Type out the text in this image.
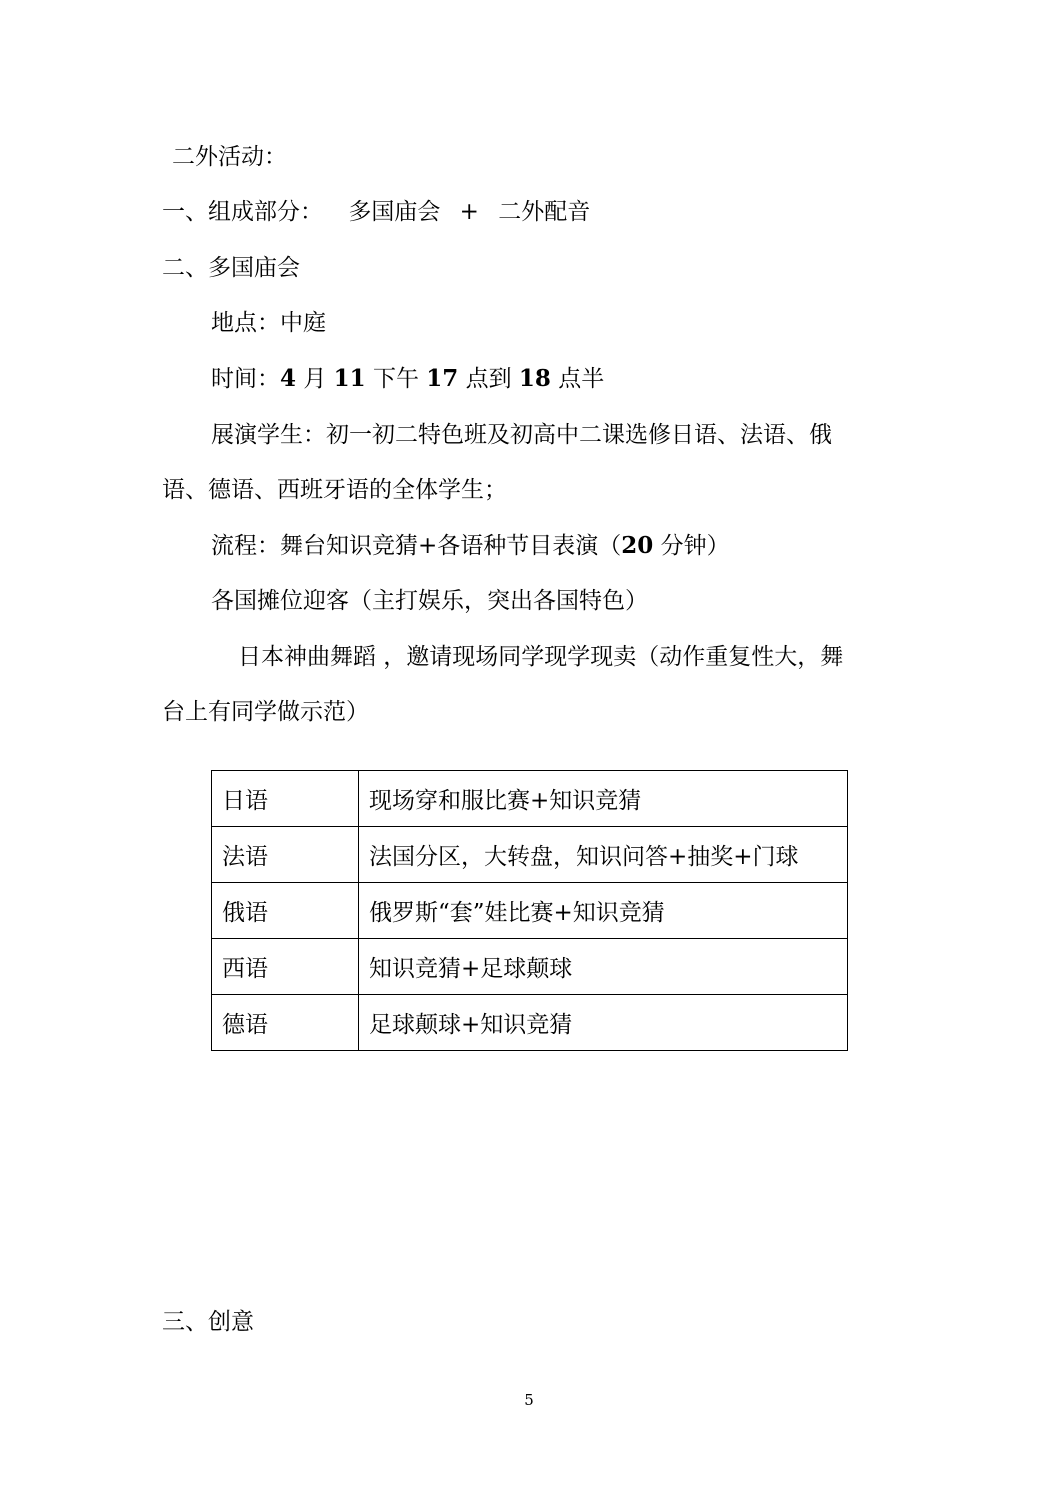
二外活动：

一、组成部分： 多国庙会 + 二外配音

二、多国庙会

地点：中庭

时间：4 月 11 下午 17 点到 18 点半

展演学生：初一初二特色班及初高中二课选修日语、法语、俄

语、德语、西班牙语的全体学生；

流程：舞台知识竞猜+各语种节目表演（20 分钟）

各国摊位迎客（主打娱乐，突出各国特色）

日本神曲舞蹈 ，邀请现场同学现学现卖（动作重复性大，舞

台上有同学做示范）

日语	现场穿和服比赛+知识竞猜
法语	法国分区，大转盘，知识问答+抽奖+门球
俄语	俄罗斯“套”娃比赛+知识竞猜
西语	知识竞猜+足球颠球
德语	足球颠球+知识竞猜

三、创意

5
